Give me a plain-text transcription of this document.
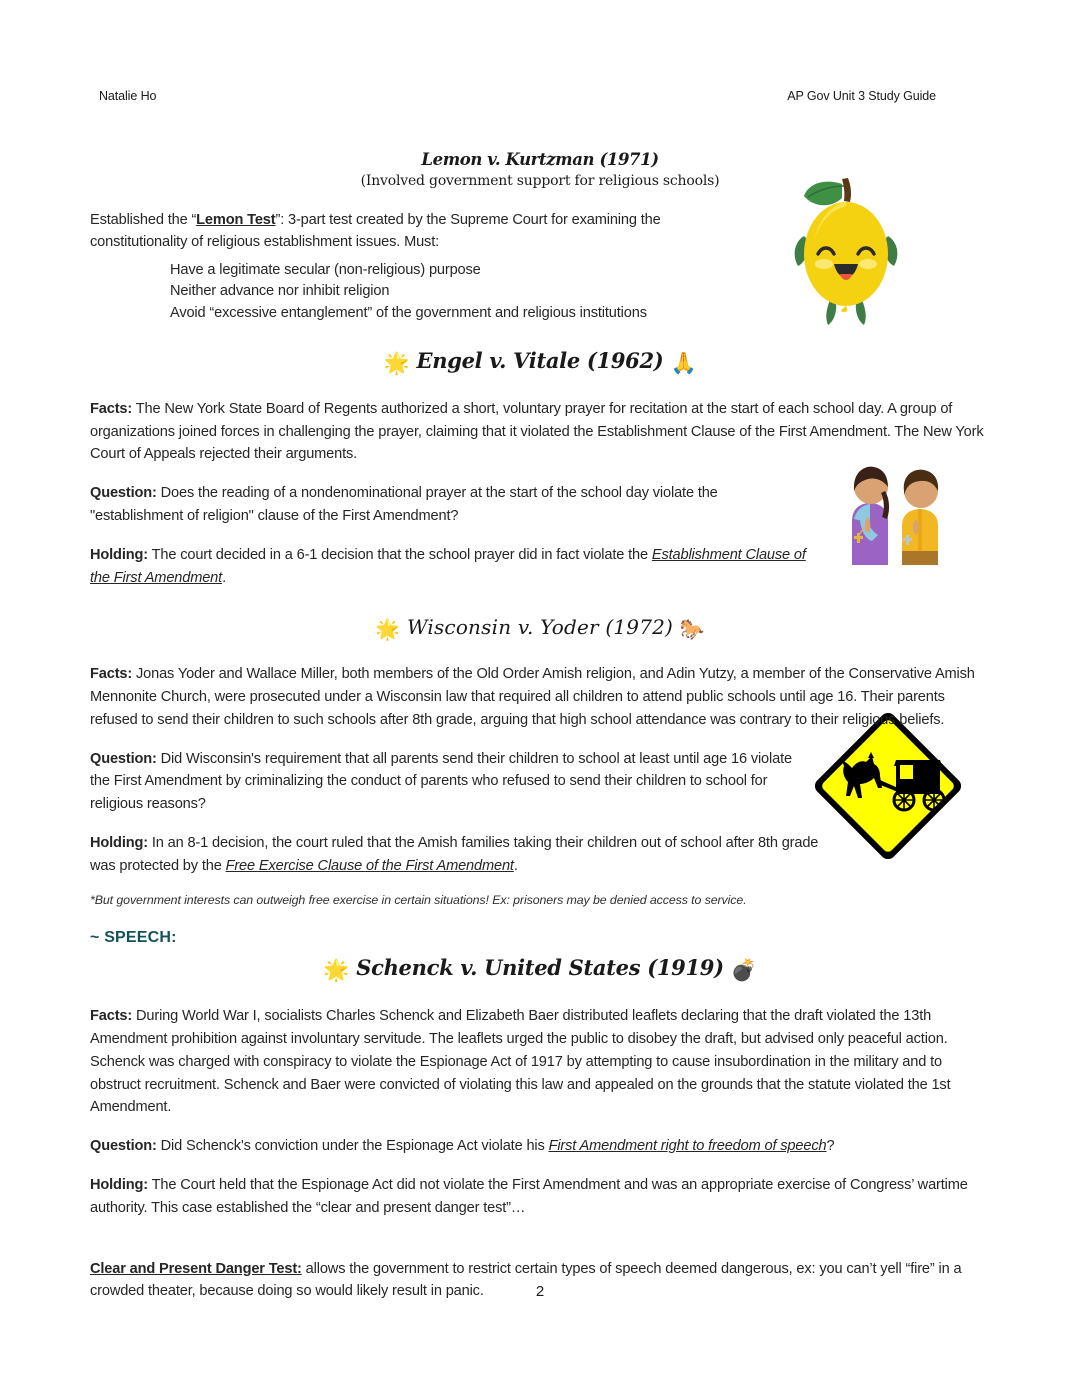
Natalie Ho	AP Gov Unit 3 Study Guide
Lemon v. Kurtzman (1971)
(Involved government support for religious schools)

Established the “Lemon Test”: 3-part test created by the Supreme Court for examining the constitutionality of religious establishment issues. Must:

Have a legitimate secular (non-religious) purpose
Neither advance nor inhibit religion
Avoid “excessive entanglement” of the government and religious institutions
🌟 Engel v. Vitale (1962) 🙏

Facts: The New York State Board of Regents authorized a short, voluntary prayer for recitation at the start of each school day. A group of organizations joined forces in challenging the prayer, claiming that it violated the Establishment Clause of the First Amendment. The New York Court of Appeals rejected their arguments.

Question: Does the reading of a nondenominational prayer at the start of the school day violate the "establishment of religion" clause of the First Amendment?

Holding: The court decided in a 6-1 decision that the school prayer did in fact violate the Establishment Clause of the First Amendment.

🌟 Wisconsin v. Yoder (1972) 🐎

Facts: Jonas Yoder and Wallace Miller, both members of the Old Order Amish religion, and Adin Yutzy, a member of the Conservative Amish Mennonite Church, were prosecuted under a Wisconsin law that required all children to attend public schools until age 16. Their parents refused to send their children to such schools after 8th grade, arguing that high school attendance was contrary to their religious beliefs.

Question: Did Wisconsin's requirement that all parents send their children to school at least until age 16 violate the First Amendment by criminalizing the conduct of parents who refused to send their children to school for religious reasons?

Holding: In an 8-1 decision, the court ruled that the Amish families taking their children out of school after 8th grade was protected by the Free Exercise Clause of the First Amendment.

*But government interests can outweigh free exercise in certain situations! Ex: prisoners may be denied access to service.

~ SPEECH:
🌟 Schenck v. United States (1919) 💣

Facts: During World War I, socialists Charles Schenck and Elizabeth Baer distributed leaflets declaring that the draft violated the 13th Amendment prohibition against involuntary servitude. The leaflets urged the public to disobey the draft, but advised only peaceful action. Schenck was charged with conspiracy to violate the Espionage Act of 1917 by attempting to cause insubordination in the military and to obstruct recruitment. Schenck and Baer were convicted of violating this law and appealed on the grounds that the statute violated the 1st Amendment.

Question: Did Schenck's conviction under the Espionage Act violate his First Amendment right to freedom of speech?

Holding: The Court held that the Espionage Act did not violate the First Amendment and was an appropriate exercise of Congress’ wartime authority. This case established the “clear and present danger test”…

Clear and Present Danger Test: allows the government to restrict certain types of speech deemed dangerous, ex: you can’t yell “fire” in a crowded theater, because doing so would likely result in panic.	2
